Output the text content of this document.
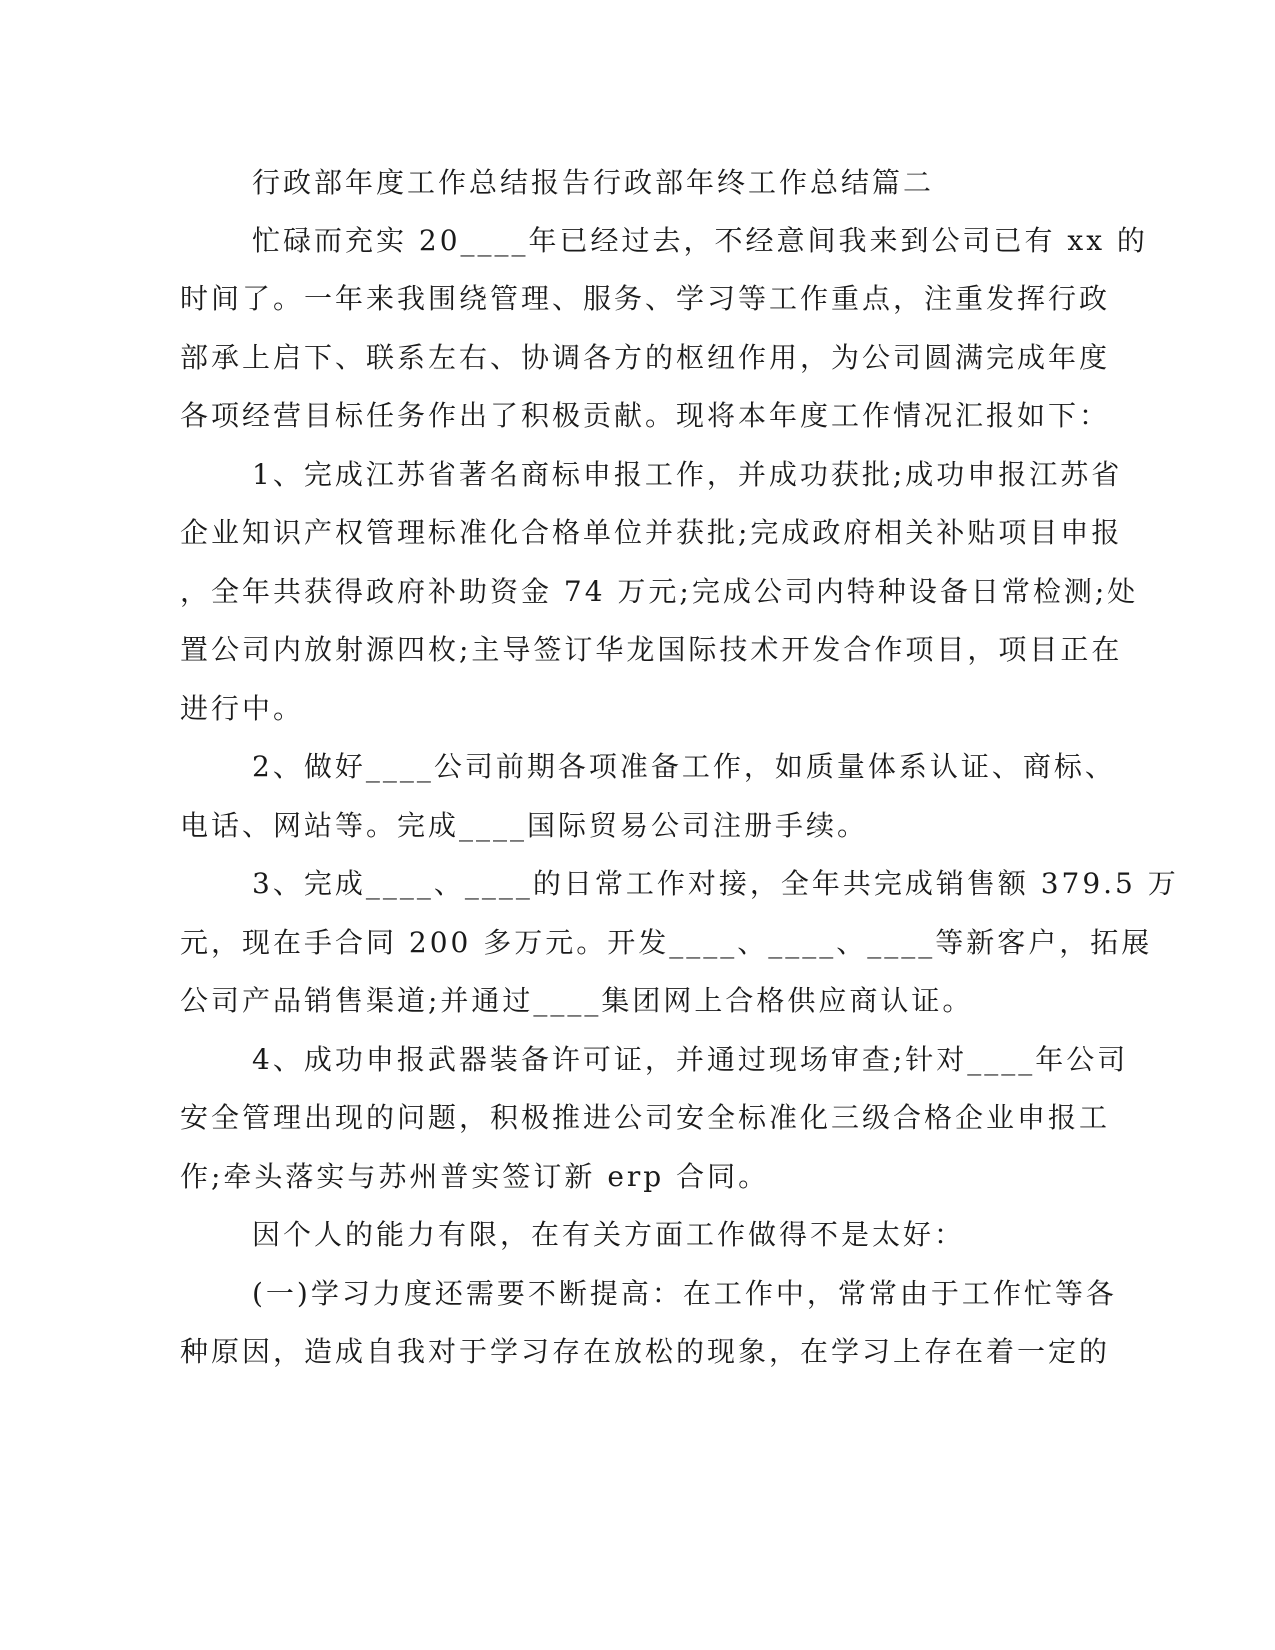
行政部年度工作总结报告行政部年终工作总结篇二
忙碌而充实 20____年已经过去，不经意间我来到公司已有 xx 的
时间了。一年来我围绕管理、服务、学习等工作重点，注重发挥行政
部承上启下、联系左右、协调各方的枢纽作用，为公司圆满完成年度
各项经营目标任务作出了积极贡献。现将本年度工作情况汇报如下：
1、完成江苏省著名商标申报工作，并成功获批;成功申报江苏省
企业知识产权管理标准化合格单位并获批;完成政府相关补贴项目申报
，全年共获得政府补助资金 74 万元;完成公司内特种设备日常检测;处
置公司内放射源四枚;主导签订华龙国际技术开发合作项目，项目正在
进行中。
2、做好____公司前期各项准备工作，如质量体系认证、商标、
电话、网站等。完成____国际贸易公司注册手续。
3、完成____、____的日常工作对接，全年共完成销售额 379.5 万
元，现在手合同 200 多万元。开发____、____、____等新客户，拓展
公司产品销售渠道;并通过____集团网上合格供应商认证。
4、成功申报武器装备许可证，并通过现场审查;针对____年公司
安全管理出现的问题，积极推进公司安全标准化三级合格企业申报工
作;牵头落实与苏州普实签订新 erp 合同。
因个人的能力有限，在有关方面工作做得不是太好：
(一)学习力度还需要不断提高：在工作中，常常由于工作忙等各
种原因，造成自我对于学习存在放松的现象，在学习上存在着一定的
